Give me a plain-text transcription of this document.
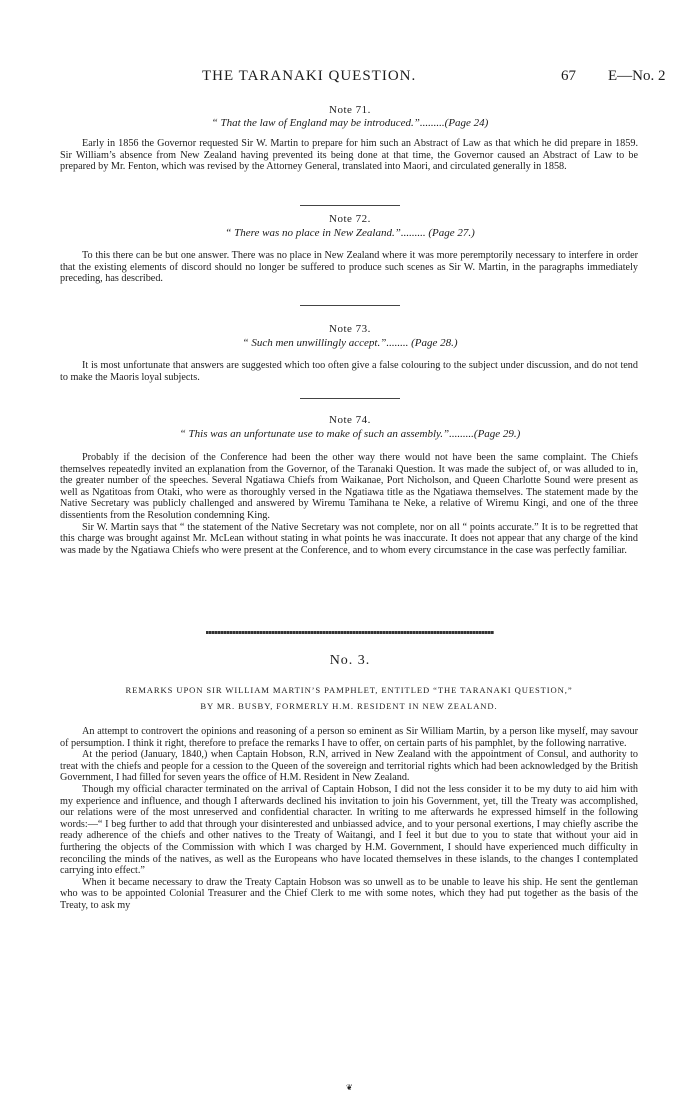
THE TARANAKI QUESTION.	67 E—No. 2
Note 71.
“ That the law of England may be introduced.”.........(Page 24)

Early in 1856 the Governor requested Sir W. Martin to prepare for him such an Abstract of Law as that which he did prepare in 1859. Sir William’s absence from New Zealand having prevented its being done at that time, the Governor caused an Abstract of Law to be prepared by Mr. Fenton, which was revised by the Attorney General, translated into Maori, and circulated generally in 1858.

Note 72.
“ There was no place in New Zealand.”......... (Page 27.)

To this there can be but one answer. There was no place in New Zealand where it was more peremptorily necessary to interfere in order that the existing elements of discord should no longer be suffered to produce such scenes as Sir W. Martin, in the paragraphs immediately preceding, has described.

Note 73.
“ Such men unwillingly accept.”........ (Page 28.)

It is most unfortunate that answers are suggested which too often give a false colouring to the subject under discussion, and do not tend to make the Maoris loyal subjects.

Note 74.
“ This was an unfortunate use to make of such an assembly.”.........(Page 29.)

Probably if the decision of the Conference had been the other way there would not have been the same complaint. The Chiefs themselves repeatedly invited an explanation from the Governor, of the Taranaki Question. It was made the subject of, or was alluded to in, the greater number of the speeches. Several Ngatiawa Chiefs from Waikanae, Port Nicholson, and Queen Charlotte Sound were present as well as Ngatitoas from Otaki, who were as thoroughly versed in the Ngatiawa title as the Ngatiawa themselves. The statement made by the Native Secretary was publicly challenged and answered by Wiremu Tamihana te Neke, a relative of Wiremu Kingi, and one of the three dissentients from the Resolution condemning King.

Sir W. Martin says that “ the statement of the Native Secretary was not complete, nor on all “ points accurate.” It is to be regretted that this charge was brought against Mr. McLean without stating in what points he was inaccurate. It does not appear that any charge of the kind was made by the Ngatiawa Chiefs who were present at the Conference, and to whom every circumstance in the case was perfectly familiar.

No. 3.
REMARKS UPON SIR WILLIAM MARTIN’S PAMPHLET, ENTITLED “THE TARANAKI QUESTION,”
BY MR. BUSBY, FORMERLY H.M. RESIDENT IN NEW ZEALAND.

An attempt to controvert the opinions and reasoning of a person so eminent as Sir William Martin, by a person like myself, may savour of persumption. I think it right, therefore to preface the remarks I have to offer, on certain parts of his pamphlet, by the following narrative.

At the period (January, 1840,) when Captain Hobson, R.N, arrived in New Zealand with the appointment of Consul, and authority to treat with the chiefs and people for a cession to the Queen of the sovereign and territorial rights which had been acknowledged by the British Government, I had filled for seven years the office of H.M. Resident in New Zealand.

Though my official character terminated on the arrival of Captain Hobson, I did not the less consider it to be my duty to aid him with my experience and influence, and though I afterwards declined his invitation to join his Government, yet, till the Treaty was accomplished, our relations were of the most unreserved and confidential character. In writing to me afterwards he expressed himself in the following words:—“ I beg further to add that through your disinterested and unbiassed advice, and to your personal exertions, I may chiefly ascribe the ready adherence of the chiefs and other natives to the Treaty of Waitangi, and I feel it but due to you to state that without your aid in furthering the objects of the Commission with which I was charged by H.M. Government, I should have experienced much difficulty in reconciling the minds of the natives, as well as the Europeans who have located themselves in these islands, to the changes I contemplated carrying into effect.”

When it became necessary to draw the Treaty Captain Hobson was so unwell as to be unable to leave his ship. He sent the gentleman who was to be appointed Colonial Treasurer and the Chief Clerk to me with some notes, which they had put together as the basis of the Treaty, to ask my

❦
